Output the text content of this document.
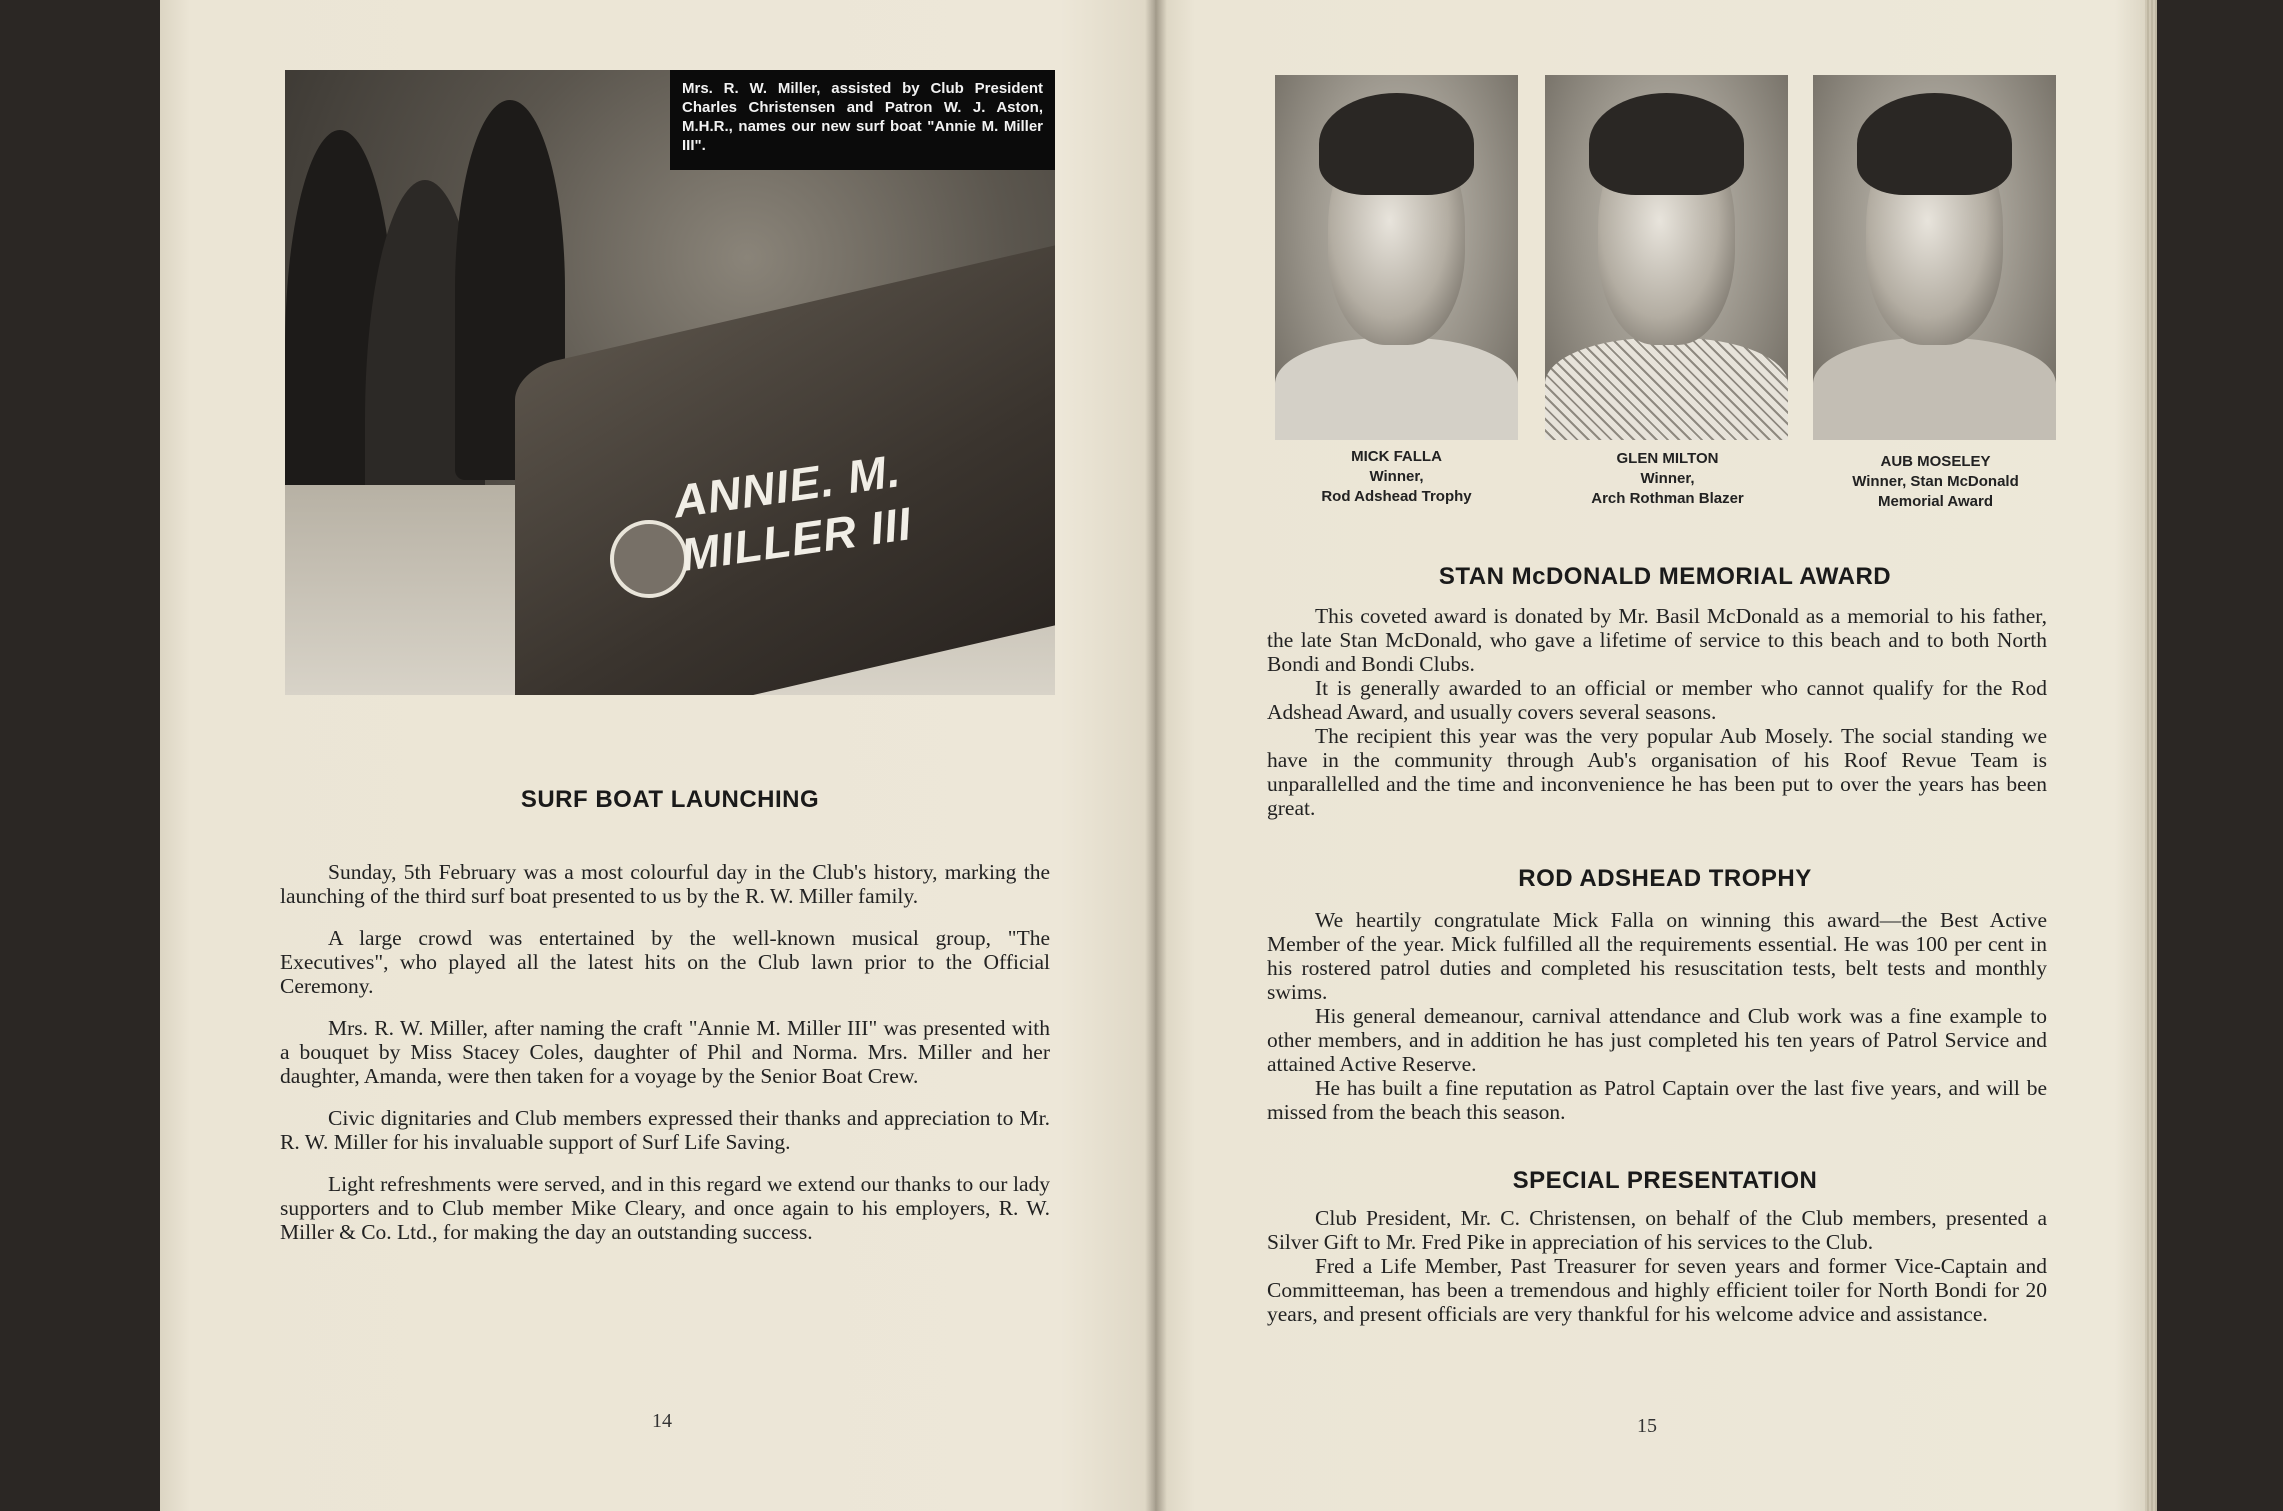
ANNIE. M. MILLER III
Mrs. R. W. Miller, assisted by Club President Charles Christensen and Patron W. J. Aston, M.H.R., names our new surf boat "Annie M. Miller III".
SURF BOAT LAUNCHING

Sunday, 5th February was a most colourful day in the Club's history, marking the launching of the third surf boat presented to us by the R. W. Miller family.

A large crowd was entertained by the well-known musical group, "The Executives", who played all the latest hits on the Club lawn prior to the Official Ceremony.

Mrs. R. W. Miller, after naming the craft "Annie M. Miller III" was presented with a bouquet by Miss Stacey Coles, daughter of Phil and Norma. Mrs. Miller and her daughter, Amanda, were then taken for a voyage by the Senior Boat Crew.

Civic dignitaries and Club members expressed their thanks and appreciation to Mr. R. W. Miller for his invaluable support of Surf Life Saving.

Light refreshments were served, and in this regard we extend our thanks to our lady supporters and to Club member Mike Cleary, and once again to his employers, R. W. Miller & Co. Ltd., for making the day an outstanding success.

14
MICK FALLA
Winner,
Rod Adshead Trophy
GLEN MILTON
Winner,
Arch Rothman Blazer
AUB MOSELEY
Winner, Stan McDonald
Memorial Award
STAN McDONALD MEMORIAL AWARD

This coveted award is donated by Mr. Basil McDonald as a memorial to his father, the late Stan McDonald, who gave a lifetime of service to this beach and to both North Bondi and Bondi Clubs.

It is generally awarded to an official or member who cannot qualify for the Rod Adshead Award, and usually covers several seasons.

The recipient this year was the very popular Aub Mosely. The social standing we have in the community through Aub's organisation of his Roof Revue Team is unparallelled and the time and inconvenience he has been put to over the years has been great.

ROD ADSHEAD TROPHY

We heartily congratulate Mick Falla on winning this award—the Best Active Member of the year. Mick fulfilled all the requirements essential. He was 100 per cent in his rostered patrol duties and completed his resuscitation tests, belt tests and monthly swims.

His general demeanour, carnival attendance and Club work was a fine example to other members, and in addition he has just completed his ten years of Patrol Service and attained Active Reserve.

He has built a fine reputation as Patrol Captain over the last five years, and will be missed from the beach this season.

SPECIAL PRESENTATION

Club President, Mr. C. Christensen, on behalf of the Club members, presented a Silver Gift to Mr. Fred Pike in appreciation of his services to the Club.

Fred a Life Member, Past Treasurer for seven years and former Vice-Captain and Committeeman, has been a tremendous and highly efficient toiler for North Bondi for 20 years, and present officials are very thankful for his welcome advice and assistance.

15
